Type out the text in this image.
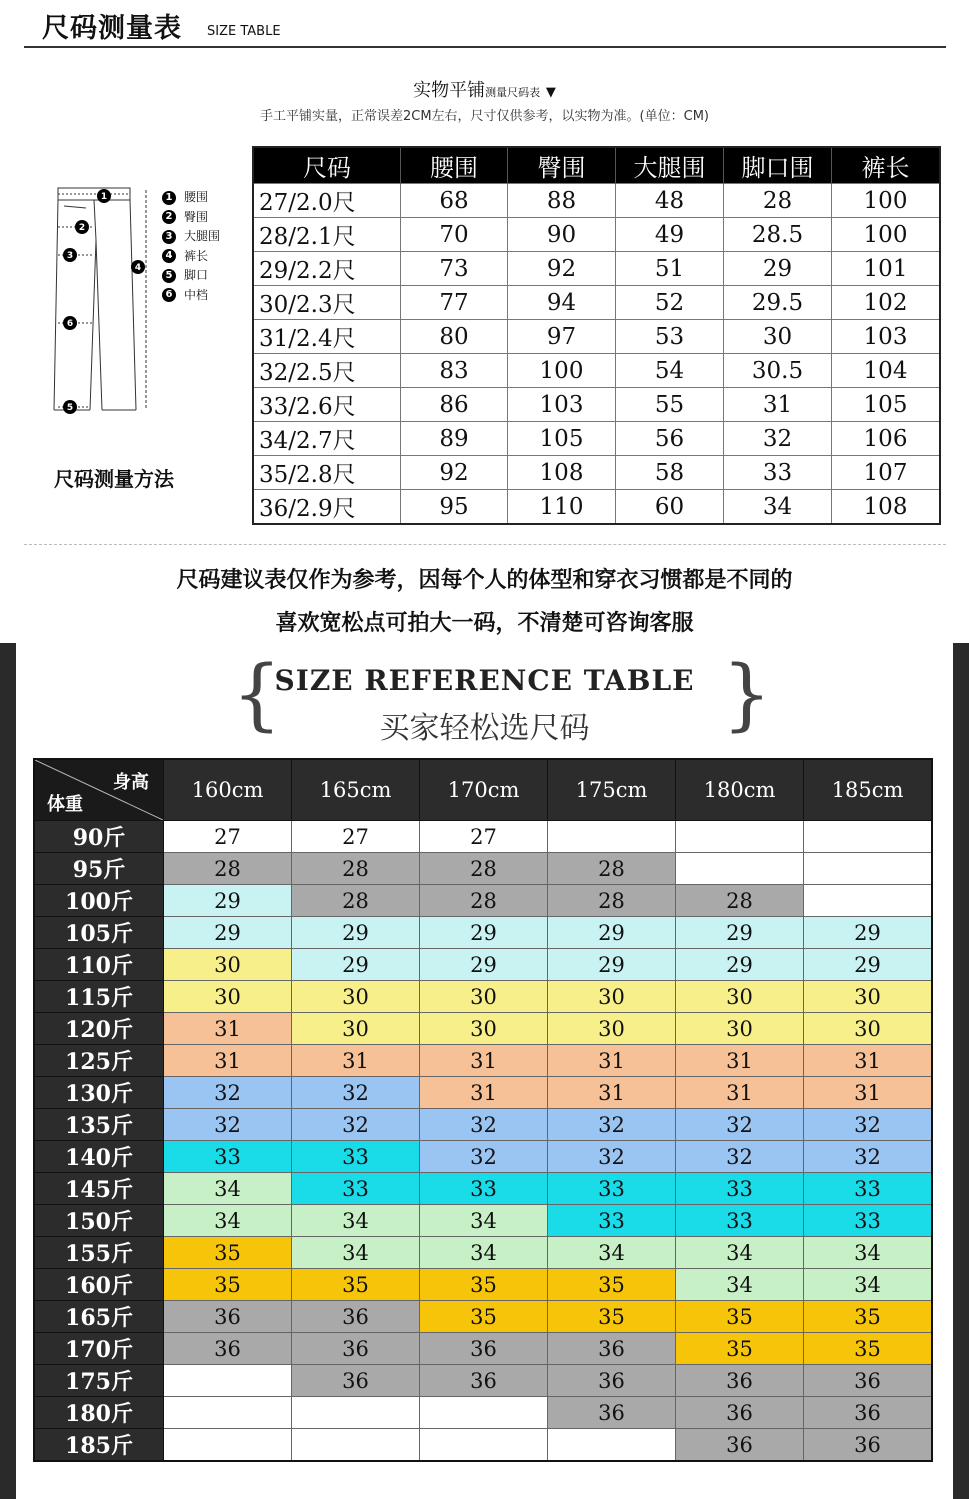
尺码测量表 SIZE TABLE
实物平铺测量尺码表 ▼
手工平铺实量，正常误差2CM左右，尺寸仅供参考，以实物为准。(单位：CM)
1
2
3
4
6
5
1 腰围
2 臀围
3 大腿围
4 裤长
5 脚口
6 中档
尺码测量方法
尺码	腰围	臀围	大腿围	脚口围	裤长
27/2.0尺	68	88	48	28	100
28/2.1尺	70	90	49	28.5	100
29/2.2尺	73	92	51	29	101
30/2.3尺	77	94	52	29.5	102
31/2.4尺	80	97	53	30	103
32/2.5尺	83	100	54	30.5	104
33/2.6尺	86	103	55	31	105
34/2.7尺	89	105	56	32	106
35/2.8尺	92	108	58	33	107
36/2.9尺	95	110	60	34	108
尺码建议表仅作为参考，因每个人的体型和穿衣习惯都是不同的
喜欢宽松点可拍大一码，不清楚可咨询客服
{	}
SIZE REFERENCE TABLE
买家轻松选尺码
身高
体重	160cm	165cm	170cm	175cm	180cm	185cm
90斤	27	27	27			
95斤	28	28	28	28		
100斤	29	28	28	28	28	
105斤	29	29	29	29	29	29
110斤	30	29	29	29	29	29
115斤	30	30	30	30	30	30
120斤	31	30	30	30	30	30
125斤	31	31	31	31	31	31
130斤	32	32	31	31	31	31
135斤	32	32	32	32	32	32
140斤	33	33	32	32	32	32
145斤	34	33	33	33	33	33
150斤	34	34	34	33	33	33
155斤	35	34	34	34	34	34
160斤	35	35	35	35	34	34
165斤	36	36	35	35	35	35
170斤	36	36	36	36	35	35
175斤		36	36	36	36	36
180斤				36	36	36
185斤					36	36
